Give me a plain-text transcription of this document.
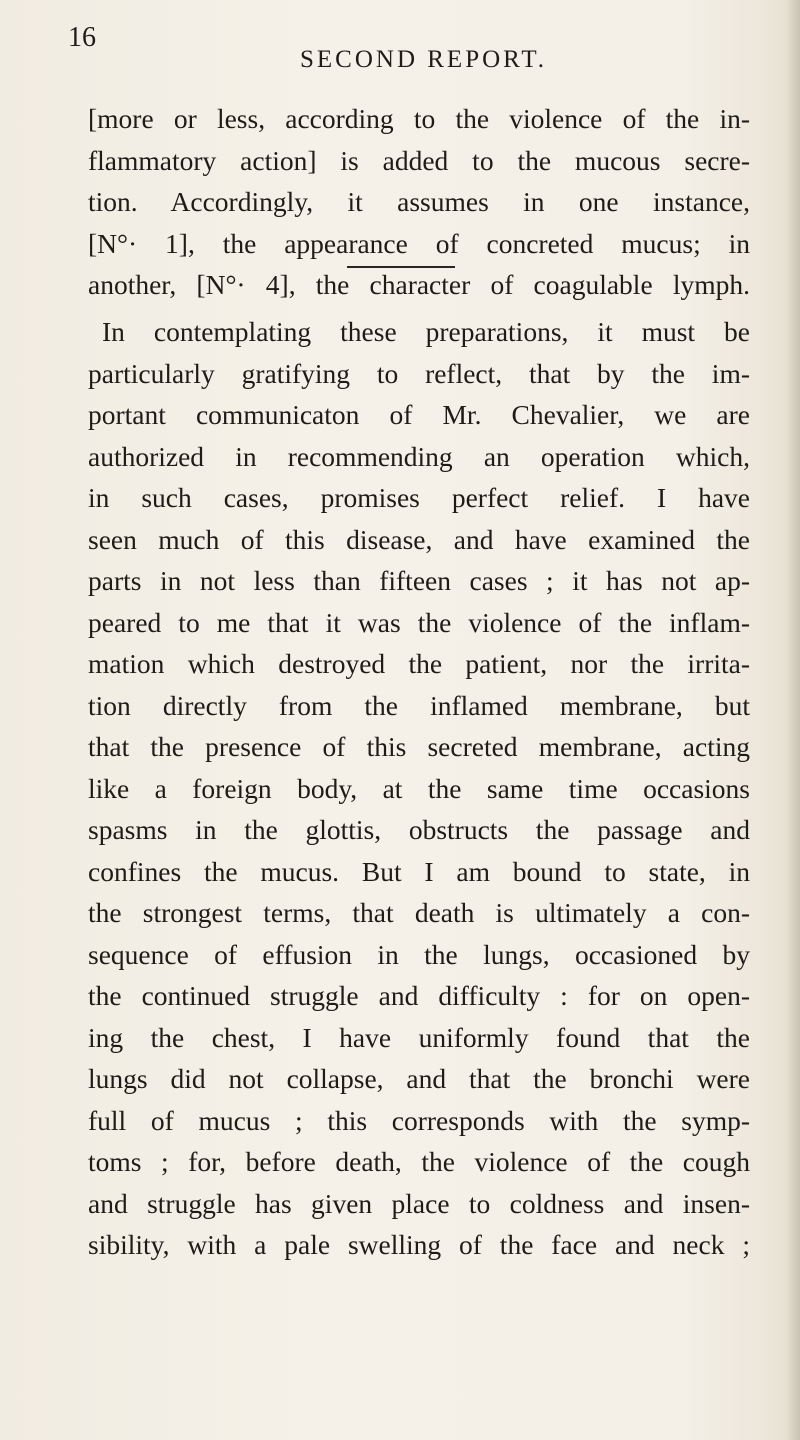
16
SECOND REPORT.
[more or less, according to the violence of the in-
flammatory action] is added to the mucous secre-
tion. Accordingly, it assumes in one instance,
[N°· 1], the appearance of concreted mucus; in
another, [N°· 4], the character of coagulable lymph.
In contemplating these preparations, it must be
particularly gratifying to reflect, that by the im-
portant communicaton of Mr. Chevalier, we are
authorized in recommending an operation which,
in such cases, promises perfect relief. I have
seen much of this disease, and have examined the
parts in not less than fifteen cases ; it has not ap-
peared to me that it was the violence of the inflam-
mation which destroyed the patient, nor the irrita-
tion directly from the inflamed membrane, but
that the presence of this secreted membrane, acting
like a foreign body, at the same time occasions
spasms in the glottis, obstructs the passage and
confines the mucus. But I am bound to state, in
the strongest terms, that death is ultimately a con-
sequence of effusion in the lungs, occasioned by
the continued struggle and difficulty : for on open-
ing the chest, I have uniformly found that the
lungs did not collapse, and that the bronchi were
full of mucus ; this corresponds with the symp-
toms ; for, before death, the violence of the cough
and struggle has given place to coldness and insen-
sibility, with a pale swelling of the face and neck ;
